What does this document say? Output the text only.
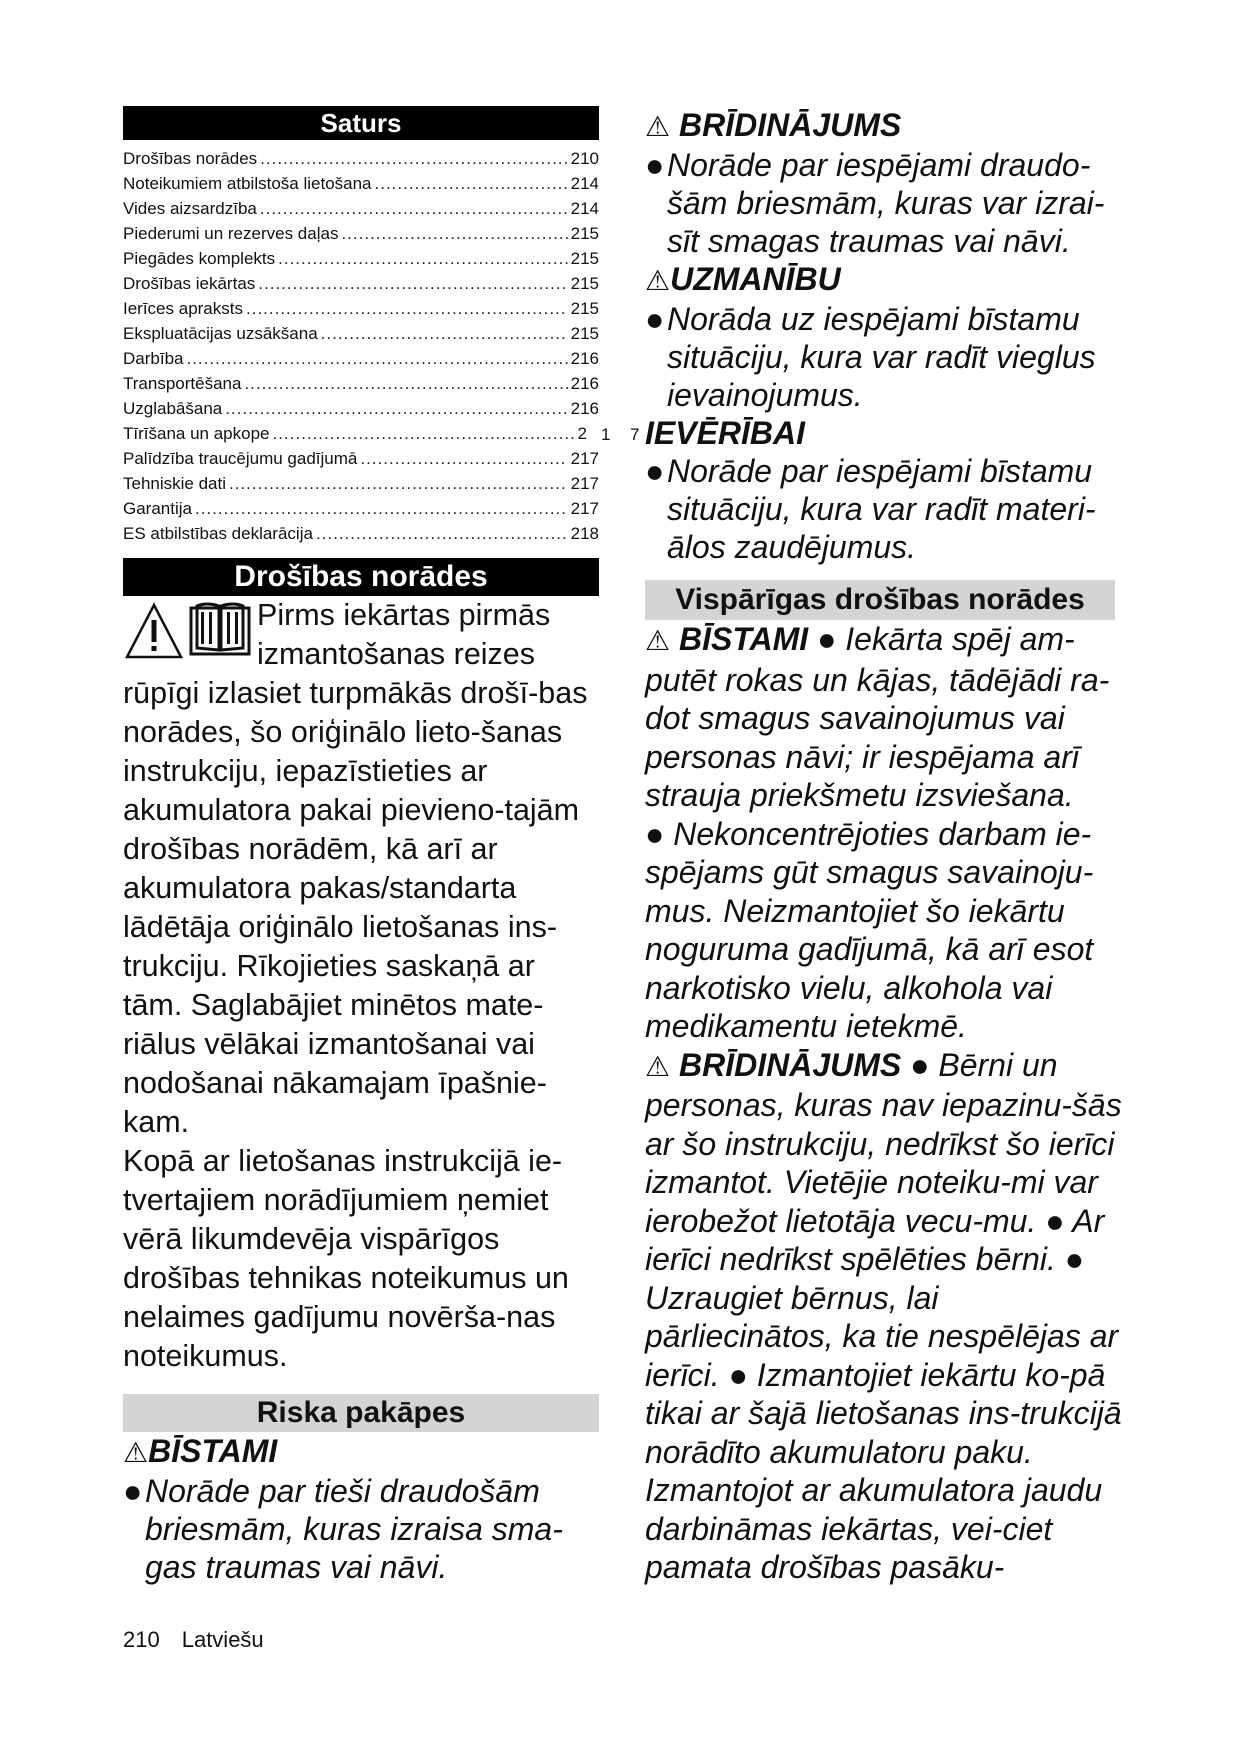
Saturs
Drošības norādes .....	210
Noteikumiem atbilstoša lietošana .....	214
Vides aizsardzība .....	214
Piederumi un rezerves daļas .....	215
Piegādes komplekts .....	215
Drošības iekārtas .....	215
Ierīces apraksts .....	215
Ekspluatācijas uzsākšana .....	215
Darbība .....	216
Transportēšana .....	216
Uzglabāšana .....	216
Tīrīšana un apkope .....	2
Palīdzība traucējumu gadījumā .....	217
Tehniskie dati .....	217
Garantija .....	217
ES atbilstības deklarācija .....	218
Drošības norādes
Pirms iekārtas pirmās
izmantošanas reizes

rūpīgi izlasiet turpmākās drošī-bas norādes, šo oriģinālo lieto-šanas instrukciju, iepazīstieties ar akumulatora pakai pievieno-tajām drošības norādēm, kā arī ar akumulatora pakas/standarta lādētāja oriģinālo lietošanas ins-trukciju. Rīkojieties saskaņā ar tām. Saglabājiet minētos mate-riālus vēlākai izmantošanai vai nodošanai nākamajam īpašnie-kam.

Kopā ar lietošanas instrukcijā ie-tvertajiem norādījumiem ņemiet vērā likumdevēja vispārīgos drošības tehnikas noteikumus un nelaimes gadījumu novērša-nas noteikumus.

Riska pakāpes
⚠BĪSTAMI
●Norāde par tieši draudošām briesmām, kuras izraisa sma-gas traumas vai nāvi.
1 7
⚠ BRĪDINĀJUMS
●Norāde par iespējami draudo-šām briesmām, kuras var izrai-sīt smagas traumas vai nāvi.
⚠UZMANĪBU
●Norāda uz iespējami bīstamu situāciju, kura var radīt vieglus ievainojumus.
IEVĒRĪBAI
●Norāde par iespējami bīstamu situāciju, kura var radīt materi-ālos zaudējumus.
Vispārīgas drošības norādes
⚠ BĪSTAMI ● Iekārta spēj am-putēt rokas un kājas, tādējādi ra-dot smagus savainojumus vai personas nāvi; ir iespējama arī strauja priekšmetu izsviešana.
● Nekoncentrējoties darbam ie-spējams gūt smagus savainoju-mus. Neizmantojiet šo iekārtu noguruma gadījumā, kā arī esot narkotisko vielu, alkohola vai medikamentu ietekmē.
⚠ BRĪDINĀJUMS ● Bērni un personas, kuras nav iepazinu-šās ar šo instrukciju, nedrīkst šo ierīci izmantot. Vietējie noteiku-mi var ierobežot lietotāja vecu-mu. ● Ar ierīci nedrīkst spēlēties bērni. ● Uzraugiet bērnus, lai pārliecinātos, ka tie nespēlējas ar ierīci. ● Izmantojiet iekārtu ko-pā tikai ar šajā lietošanas ins-trukcijā norādīto akumulatoru paku. Izmantojot ar akumulatora jaudu darbināmas iekārtas, vei-ciet pamata drošības pasāku-
210 Latviešu
